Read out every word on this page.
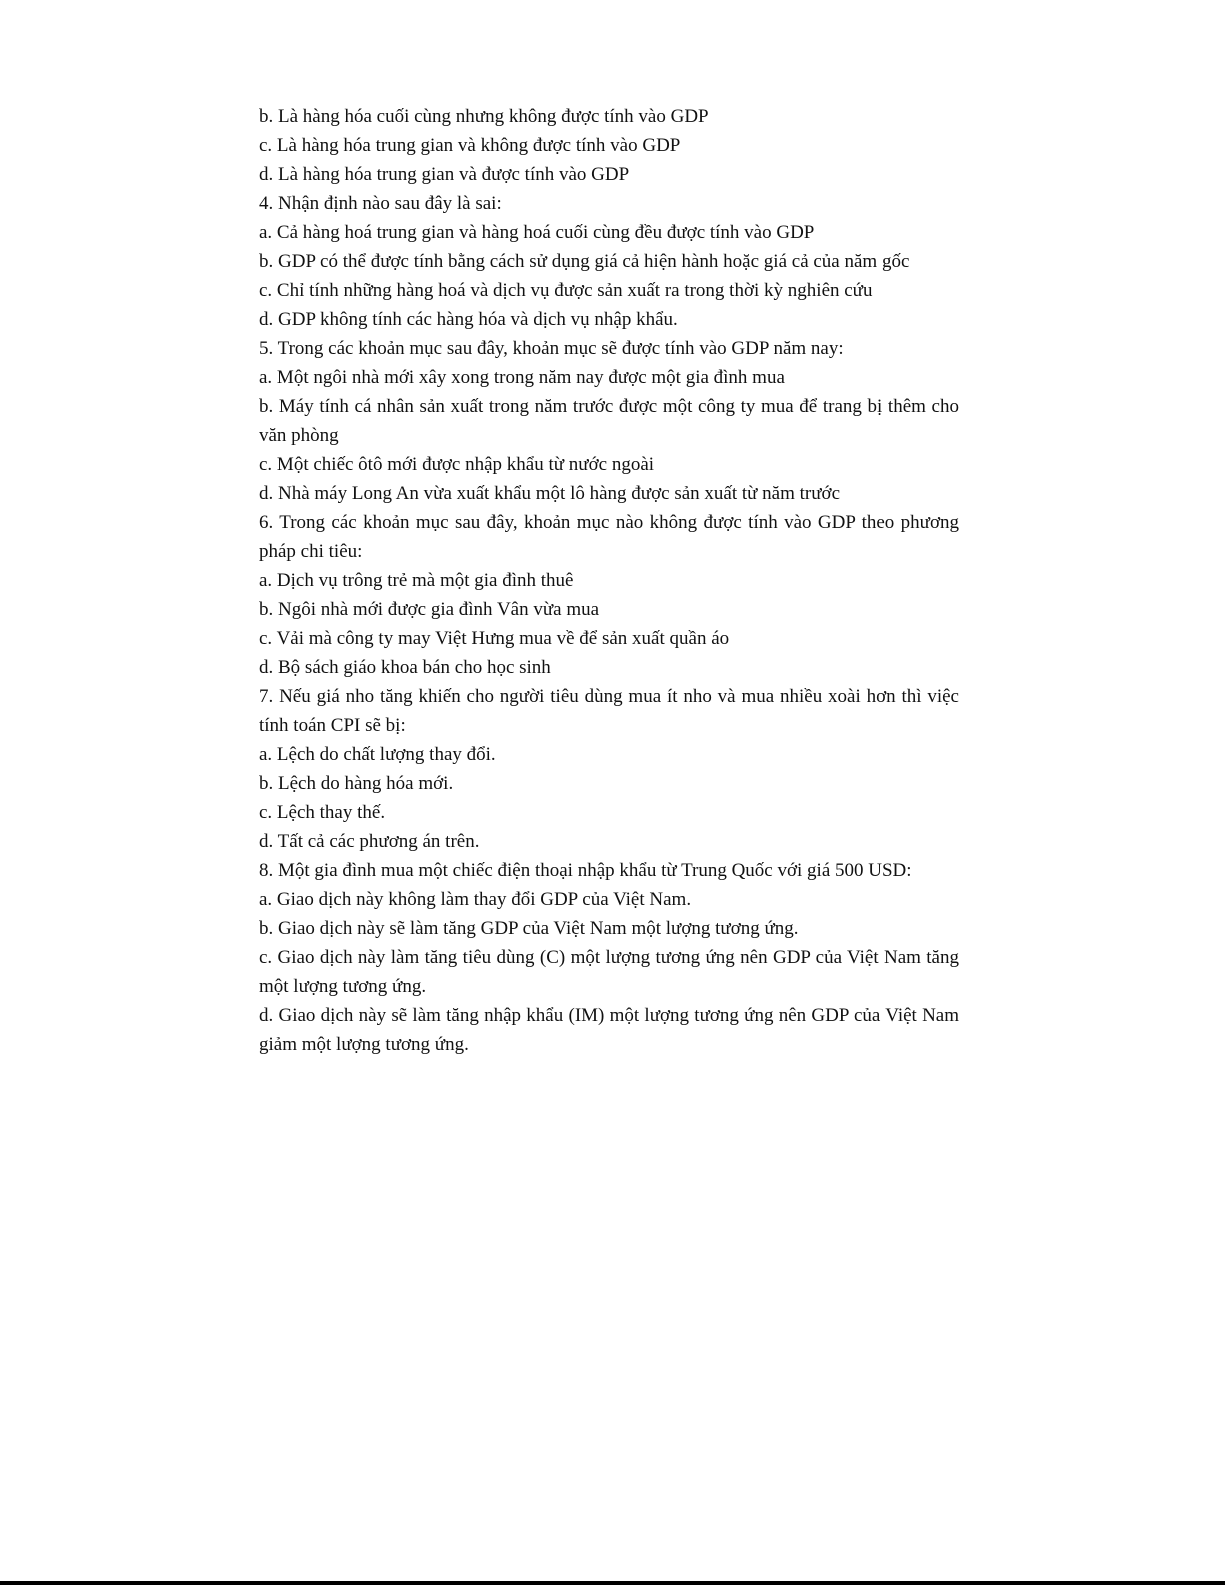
b. Là hàng hóa cuối cùng nhưng không được tính vào GDP

c. Là hàng hóa trung gian và không được tính vào GDP

d. Là hàng hóa trung gian và được tính vào GDP

4. Nhận định nào sau đây là sai:

a. Cả hàng hoá trung gian và hàng hoá cuối cùng đều được tính vào GDP

b. GDP có thể được tính bằng cách sử dụng giá cả hiện hành hoặc giá cả của năm gốc

c. Chỉ tính những hàng hoá và dịch vụ được sản xuất ra trong thời kỳ nghiên cứu

d. GDP không tính các hàng hóa và dịch vụ nhập khẩu.

5. Trong các khoản mục sau đây, khoản mục sẽ được tính vào GDP năm nay:

a. Một ngôi nhà mới xây xong trong năm nay được một gia đình mua

b. Máy tính cá nhân sản xuất trong năm trước được một công ty mua để trang bị thêm cho văn phòng

c. Một chiếc ôtô mới được nhập khẩu từ nước ngoài

d. Nhà máy Long An vừa xuất khẩu một lô hàng được sản xuất từ năm trước

6. Trong các khoản mục sau đây, khoản mục nào không được tính vào GDP theo phương pháp chi tiêu:

a. Dịch vụ trông trẻ mà một gia đình thuê

b. Ngôi nhà mới được gia đình Vân vừa mua

c. Vải mà công ty may Việt Hưng mua về để sản xuất quần áo

d. Bộ sách giáo khoa bán cho học sinh

7. Nếu giá nho tăng khiến cho người tiêu dùng mua ít nho và mua nhiều xoài hơn thì việc tính toán CPI sẽ bị:

a. Lệch do chất lượng thay đổi.

b. Lệch do hàng hóa mới.

c. Lệch thay thế.

d. Tất cả các phương án trên.

8. Một gia đình mua một chiếc điện thoại nhập khẩu từ Trung Quốc với giá 500 USD:

a. Giao dịch này không làm thay đổi GDP của Việt Nam.

b. Giao dịch này sẽ làm tăng GDP của Việt Nam một lượng tương ứng.

c. Giao dịch này làm tăng tiêu dùng (C) một lượng tương ứng nên GDP của Việt Nam tăng một lượng tương ứng.

d. Giao dịch này sẽ làm tăng nhập khẩu (IM) một lượng tương ứng nên GDP của Việt Nam giảm một lượng tương ứng.
